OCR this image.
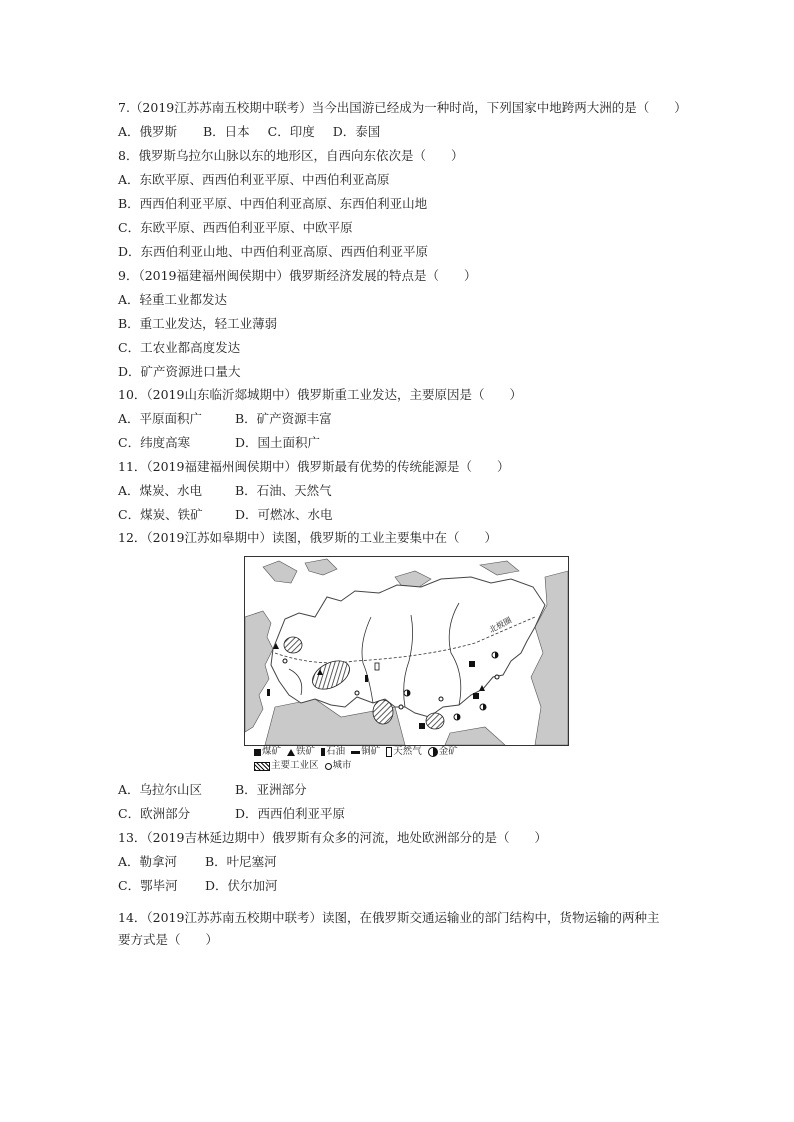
7.（2019江苏苏南五校期中联考）当今出国游已经成为一种时尚，下列国家中地跨两大洲的是（　　）
A．俄罗斯 B．日本 C．印度 D．泰国
8．俄罗斯乌拉尔山脉以东的地形区，自西向东依次是（　　）
A．东欧平原、西西伯利亚平原、中西伯利亚高原
B．西西伯利亚平原、中西伯利亚高原、东西伯利亚山地
C．东欧平原、西西伯利亚平原、中欧平原
D．东西伯利亚山地、中西伯利亚高原、西西伯利亚平原
9．（2019福建福州闽侯期中）俄罗斯经济发展的特点是（　　）
A．轻重工业都发达
B．重工业发达，轻工业薄弱
C．工农业都高度发达
D．矿产资源进口量大
10．（2019山东临沂郯城期中）俄罗斯重工业发达，主要原因是（　　）
A．平原面积广	B．矿产资源丰富
C．纬度高寒	D．国土面积广
11．（2019福建福州闽侯期中）俄罗斯最有优势的传统能源是（　　）
A．煤炭、水电	B．石油、天然气
C．煤炭、铁矿	D．可燃冰、水电
12．（2019江苏如皋期中）读图，俄罗斯的工业主要集中在（　　）
北极圈
煤矿 铁矿 石油 铜矿 天然气 金矿
主要工业区 城市
A．乌拉尔山区	B．亚洲部分
C．欧洲部分	D．西西伯利亚平原
13．（2019吉林延边期中）俄罗斯有众多的河流，地处欧洲部分的是（　　）
A．勒拿河 B．叶尼塞河
C．鄂毕河 D．伏尔加河
14．（2019江苏苏南五校期中联考）读图，在俄罗斯交通运输业的部门结构中，货物运输的两种主
要方式是（　　）
